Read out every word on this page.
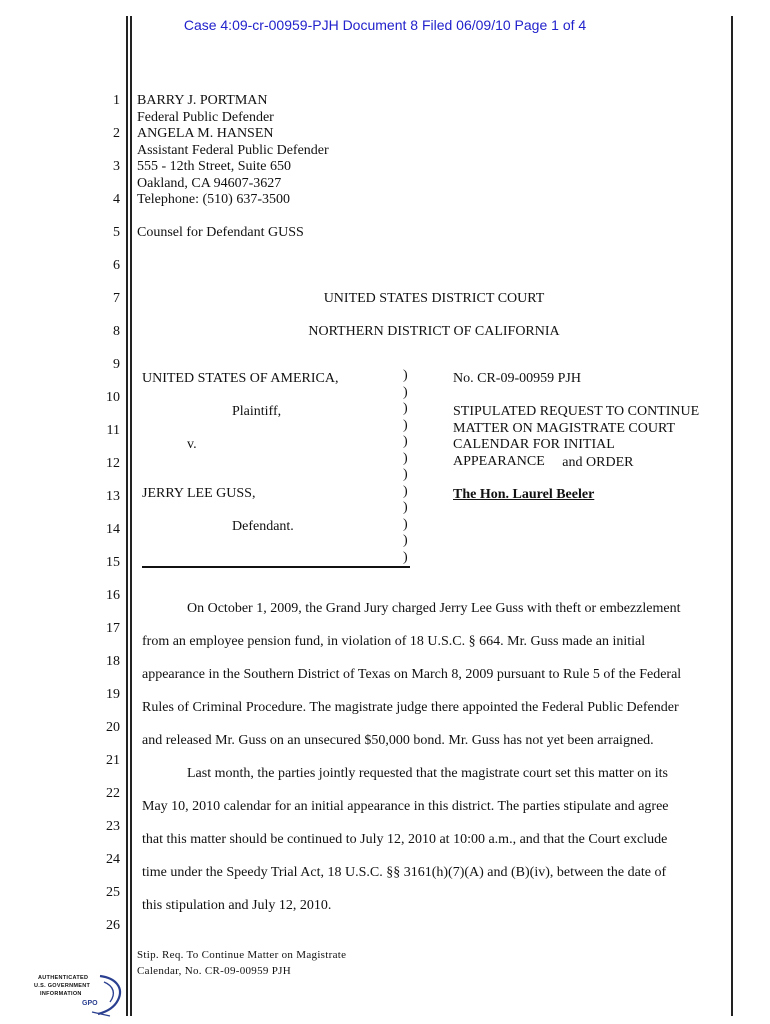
Case 4:09-cr-00959-PJH Document 8 Filed 06/09/10 Page 1 of 4
1
2
3
4
5
6
7
8
9
10
11
12
13
14
15
16
17
18
19
20
21
22
23
24
25
26
BARRY J. PORTMAN
Federal Public Defender
ANGELA M. HANSEN
Assistant Federal Public Defender
555 - 12th Street, Suite 650
Oakland, CA 94607-3627
Telephone: (510) 637-3500
Counsel for Defendant GUSS
UNITED STATES DISTRICT COURT
NORTHERN DISTRICT OF CALIFORNIA
UNITED STATES OF AMERICA,
Plaintiff,
v.
JERRY LEE GUSS,
Defendant.
)
)
)
)
)
)
)
)
)
)
)
)
No. CR-09-00959 PJH
STIPULATED REQUEST TO CONTINUE
MATTER ON MAGISTRATE COURT
CALENDAR FOR INITIAL
APPEARANCE and ORDER
The Hon. Laurel Beeler
On October 1, 2009, the Grand Jury charged Jerry Lee Guss with theft or embezzlement
from an employee pension fund, in violation of 18 U.S.C. § 664. Mr. Guss made an initial
appearance in the Southern District of Texas on March 8, 2009 pursuant to Rule 5 of the Federal
Rules of Criminal Procedure. The magistrate judge there appointed the Federal Public Defender
and released Mr. Guss on an unsecured $50,000 bond. Mr. Guss has not yet been arraigned.
Last month, the parties jointly requested that the magistrate court set this matter on its
May 10, 2010 calendar for an initial appearance in this district. The parties stipulate and agree
that this matter should be continued to July 12, 2010 at 10:00 a.m., and that the Court exclude
time under the Speedy Trial Act, 18 U.S.C. §§ 3161(h)(7)(A) and (B)(iv), between the date of
this stipulation and July 12, 2010.
Stip. Req. To Continue Matter on Magistrate
Calendar, No. CR-09-00959 PJH
AUTHENTICATED
U.S. GOVERNMENT
INFORMATION
GPO
